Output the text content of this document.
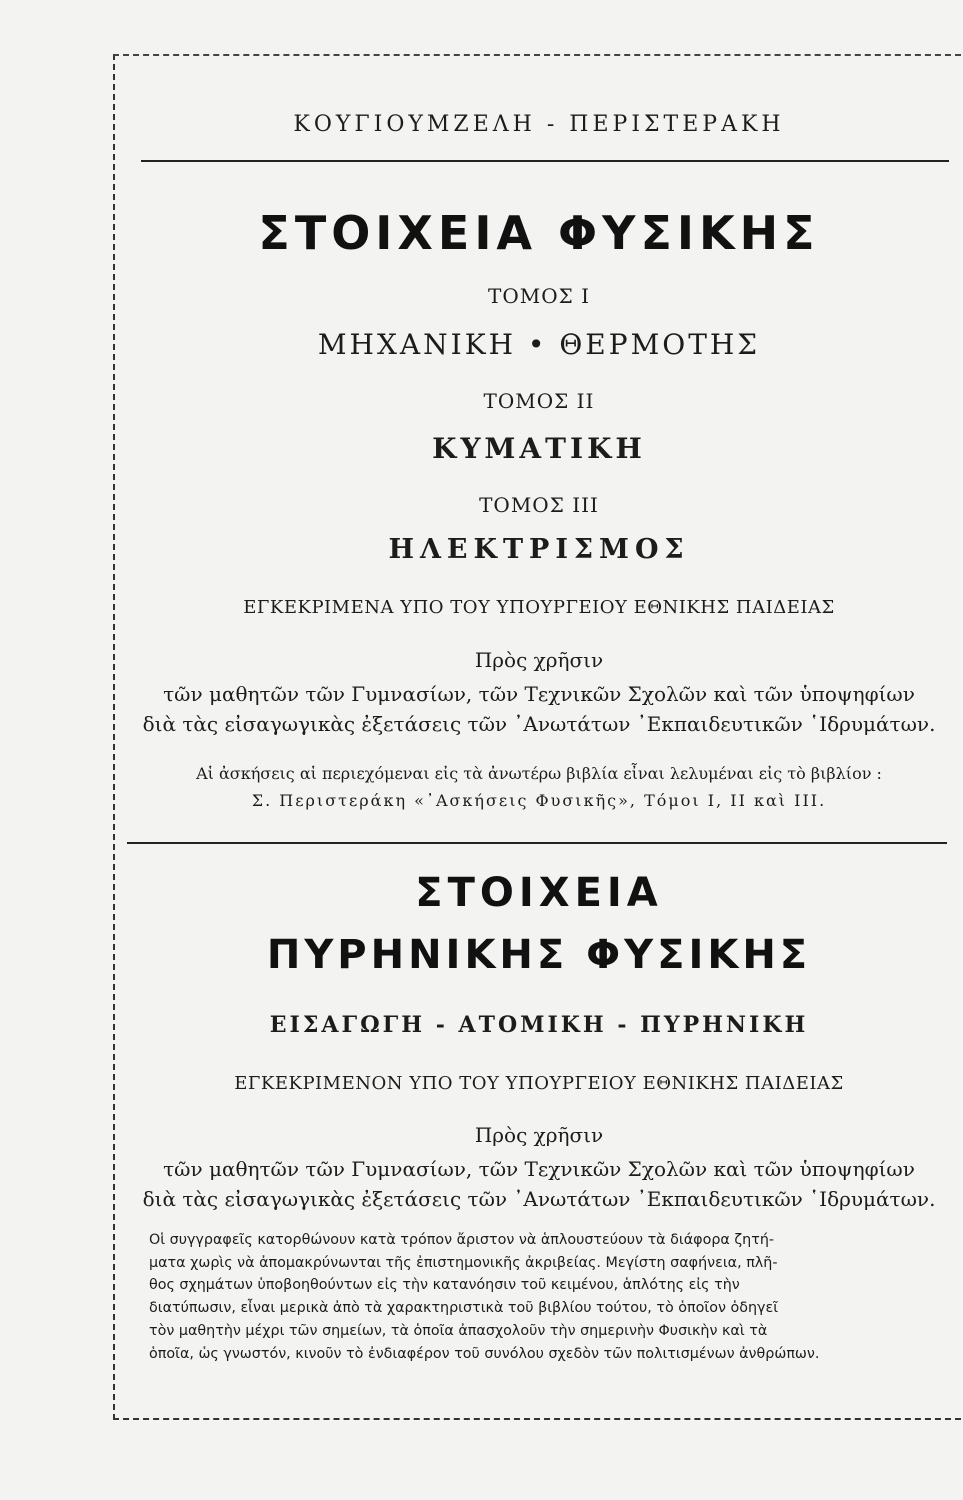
ΚΟΥΓΙΟΥΜΖΕΛΗ - ΠΕΡΙΣΤΕΡΑΚΗ
ΣΤΟΙΧΕΙΑ ΦΥΣΙΚΗΣ
ΤΟΜΟΣ Ι
ΜΗΧΑΝΙΚΗ • ΘΕΡΜΟΤΗΣ
ΤΟΜΟΣ ΙΙ
ΚΥΜΑΤΙΚΗ
ΤΟΜΟΣ ΙΙΙ
ΗΛΕΚΤΡΙΣΜΟΣ
ΕΓΚΕΚΡΙΜΕΝΑ ΥΠΟ ΤΟΥ ΥΠΟΥΡΓΕΙΟΥ ΕΘΝΙΚΗΣ ΠΑΙΔΕΙΑΣ
Πρὸς χρῆσιν
τῶν μαθητῶν τῶν Γυμνασίων, τῶν Τεχνικῶν Σχολῶν καὶ τῶν ὑποψηφίων
διὰ τὰς εἰσαγωγικὰς ἐξετάσεις τῶν ᾿Ανωτάτων ᾿Εκπαιδευτικῶν ῾Ιδρυμάτων.
Αἱ ἀσκήσεις αἱ περιεχόμεναι εἰς τὰ ἀνωτέρω βιβλία εἶναι λελυμέναι εἰς τὸ βιβλίον :
Σ. Περιστεράκη «᾿Ασκήσεις Φυσικῆς», Τόμοι Ι, ΙΙ καὶ ΙΙΙ.
ΣΤΟΙΧΕΙΑ
ΠΥΡΗΝΙΚΗΣ ΦΥΣΙΚΗΣ
ΕΙΣΑΓΩΓΗ - ΑΤΟΜΙΚΗ - ΠΥΡΗΝΙΚΗ
ΕΓΚΕΚΡΙΜΕΝΟΝ ΥΠΟ ΤΟΥ ΥΠΟΥΡΓΕΙΟΥ ΕΘΝΙΚΗΣ ΠΑΙΔΕΙΑΣ
Πρὸς χρῆσιν
τῶν μαθητῶν τῶν Γυμνασίων, τῶν Τεχνικῶν Σχολῶν καὶ τῶν ὑποψηφίων
διὰ τὰς εἰσαγωγικὰς ἐξετάσεις τῶν ᾿Ανωτάτων ᾿Εκπαιδευτικῶν ῾Ιδρυμάτων.
Οἱ συγγραφεῖς κατορθώνουν κατὰ τρόπον ἄριστον νὰ ἁπλουστεύουν τὰ διάφορα ζητή-
ματα χωρὶς νὰ ἀπομακρύνωνται τῆς ἐπιστημονικῆς ἀκριβείας. Μεγίστη σαφήνεια, πλῆ-
θος σχημάτων ὑποβοηθούντων εἰς τὴν κατανόησιν τοῦ κειμένου, ἁπλότης εἰς τὴν
διατύπωσιν, εἶναι μερικὰ ἀπὸ τὰ χαρακτηριστικὰ τοῦ βιβλίου τούτου, τὸ ὁποῖον ὁδηγεῖ
τὸν μαθητὴν μέχρι τῶν σημείων, τὰ ὁποῖα ἀπασχολοῦν τὴν σημερινὴν Φυσικὴν καὶ τὰ
ὁποῖα, ὡς γνωστόν, κινοῦν τὸ ἐνδιαφέρον τοῦ συνόλου σχεδὸν τῶν πολιτισμένων ἀνθρώπων.
